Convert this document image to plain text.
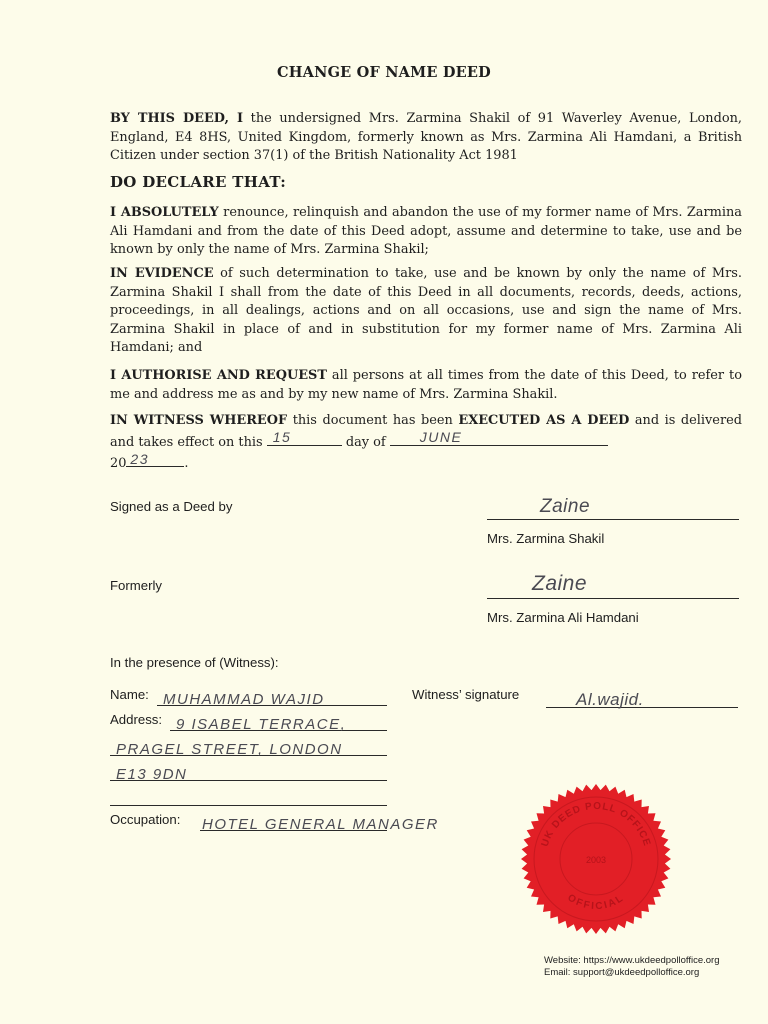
CHANGE OF NAME DEED
BY THIS DEED, I the undersigned Mrs. Zarmina Shakil of 91 Waverley Avenue, London, England, E4 8HS, United Kingdom, formerly known as Mrs. Zarmina Ali Hamdani, a British Citizen under section 37(1) of the British Nationality Act 1981
DO DECLARE THAT:
I ABSOLUTELY renounce, relinquish and abandon the use of my former name of Mrs. Zarmina Ali Hamdani and from the date of this Deed adopt, assume and determine to take, use and be known by only the name of Mrs. Zarmina Shakil;
IN EVIDENCE of such determination to take, use and be known by only the name of Mrs. Zarmina Shakil I shall from the date of this Deed in all documents, records, deeds, actions, proceedings, in all dealings, actions and on all occasions, use and sign the name of Mrs. Zarmina Shakil in place of and in substitution for my former name of Mrs. Zarmina Ali Hamdani; and
I AUTHORISE AND REQUEST all persons at all times from the date of this Deed, to refer to me and address me as and by my new name of Mrs. Zarmina Shakil.
IN WITNESS WHEREOF this document has been EXECUTED AS A DEED and is delivered and takes effect on this 15	day of JUNE

20 23	.
Signed as a Deed by	Zaine
Mrs. Zarmina Shakil
Formerly	Zaine
Mrs. Zarmina Ali Hamdani
In the presence of (Witness):
Name: MUHAMMAD WAJID	Witness’ signature	Al.wajid.
Address: 9 ISABEL TERRACE,
PRAGEL STREET, LONDON
E13 9DN
Occupation: HOTEL GENERAL MANAGER
UK DEED POLL OFFICE
OFFICIAL
2003
Website: https://www.ukdeedpolloffice.org
Email: support@ukdeedpolloffice.org
